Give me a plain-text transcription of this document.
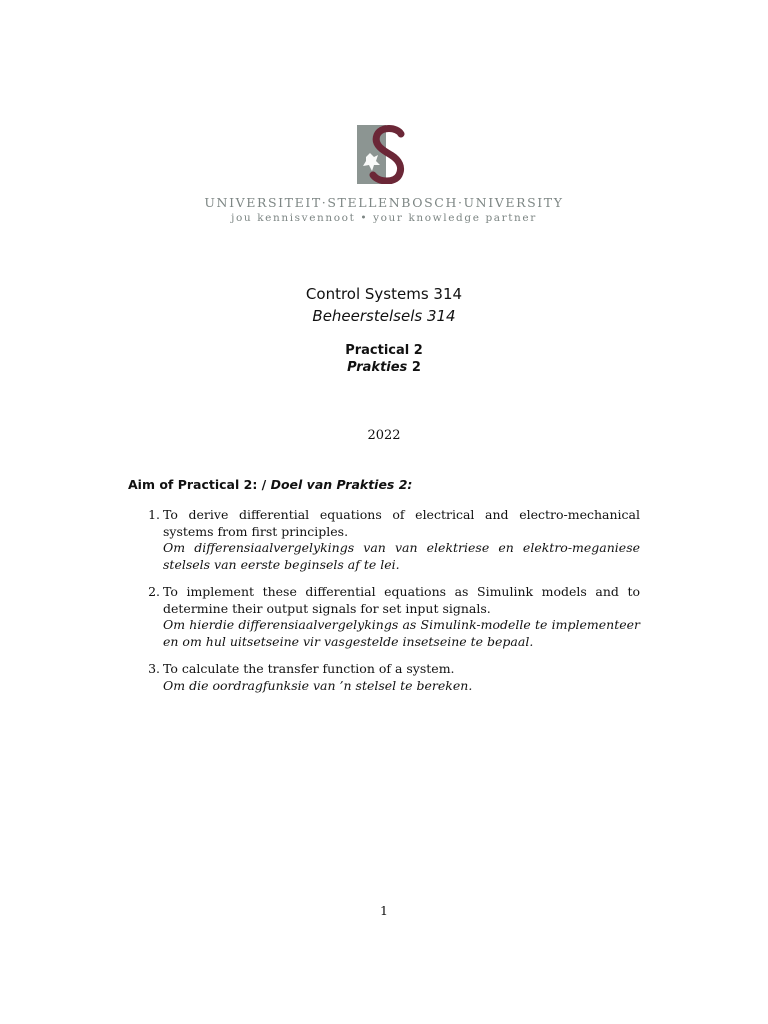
UNIVERSITEIT·STELLENBOSCH·UNIVERSITY
jou kennisvennoot • your knowledge partner
Control Systems 314
Beheerstelsels 314
Practical 2
Prakties 2
2022
Aim of Practical 2: / Doel van Prakties 2:
1. To derive differential equations of electrical and electro-mechanical systems from first principles.
Om differensiaalvergelykings van van elektriese en elektro-meganiese stelsels van eerste beginsels af te lei.
2. To implement these differential equations as Simulink models and to determine their output signals for set input signals.
Om hierdie differensiaalvergelykings as Simulink-modelle te implementeer en om hul uitsetseine vir vasgestelde insetseine te bepaal.
3. To calculate the transfer function of a system.
Om die oordragfunksie van ’n stelsel te bereken.
1
